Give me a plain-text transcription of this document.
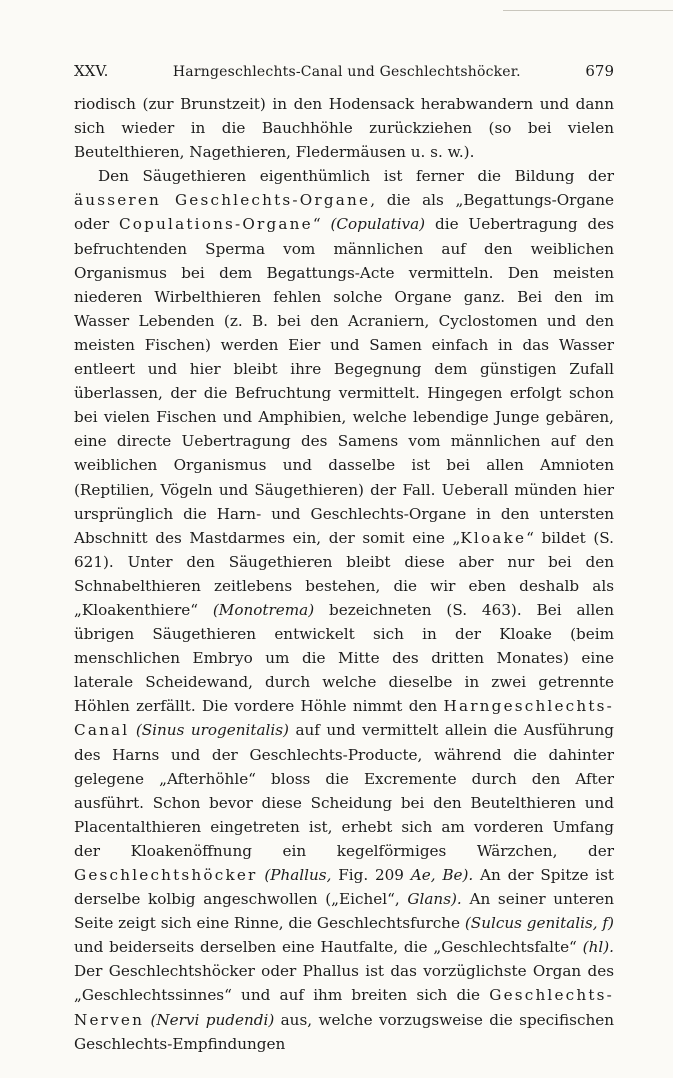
XXV.	Harngeschlechts-Canal und Geschlechtshöcker.	679

riodisch (zur Brunstzeit) in den Hodensack herabwandern und dann sich wieder in die Bauchhöhle zurückziehen (so bei vielen Beutelthieren, Nagethieren, Fledermäusen u. s. w.).

Den Säugethieren eigenthümlich ist ferner die Bildung der äusseren Geschlechts-Organe, die als „Begattungs-Organe oder Copulations-Organe“ (Copulativa) die Uebertragung des befruchtenden Sperma vom männlichen auf den weiblichen Organismus bei dem Begattungs-Acte vermitteln. Den meisten niederen Wirbelthieren fehlen solche Organe ganz. Bei den im Wasser Lebenden (z. B. bei den Acraniern, Cyclostomen und den meisten Fischen) werden Eier und Samen einfach in das Wasser entleert und hier bleibt ihre Begegnung dem günstigen Zufall überlassen, der die Befruchtung vermittelt. Hingegen erfolgt schon bei vielen Fischen und Amphibien, welche lebendige Junge gebären, eine directe Uebertragung des Samens vom männlichen auf den weiblichen Organismus und dasselbe ist bei allen Amnioten (Reptilien, Vögeln und Säugethieren) der Fall. Ueberall münden hier ursprünglich die Harn- und Geschlechts-Organe in den untersten Abschnitt des Mastdarmes ein, der somit eine „Kloake“ bildet (S. 621). Unter den Säugethieren bleibt diese aber nur bei den Schnabelthieren zeitlebens bestehen, die wir eben deshalb als „Kloakenthiere“ (Monotrema) bezeichneten (S. 463). Bei allen übrigen Säugethieren entwickelt sich in der Kloake (beim menschlichen Embryo um die Mitte des dritten Monates) eine laterale Scheidewand, durch welche dieselbe in zwei getrennte Höhlen zerfällt. Die vordere Höhle nimmt den Harngeschlechts-Canal (Sinus urogenitalis) auf und vermittelt allein die Ausführung des Harns und der Geschlechts-Producte, während die dahinter gelegene „Afterhöhle“ bloss die Excremente durch den After ausführt. Schon bevor diese Scheidung bei den Beutelthieren und Placentalthieren eingetreten ist, erhebt sich am vorderen Umfang der Kloakenöffnung ein kegelförmiges Wärzchen, der Geschlechtshöcker (Phallus, Fig. 209 Ae, Be). An der Spitze ist derselbe kolbig angeschwollen („Eichel“, Glans). An seiner unteren Seite zeigt sich eine Rinne, die Geschlechtsfurche (Sulcus genitalis, f) und beiderseits derselben eine Hautfalte, die „Geschlechtsfalte“ (hl). Der Geschlechtshöcker oder Phallus ist das vorzüglichste Organ des „Geschlechtssinnes“ und auf ihm breiten sich die Geschlechts-Nerven (Nervi pudendi) aus, welche vorzugsweise die specifischen Geschlechts-Empfindungen
